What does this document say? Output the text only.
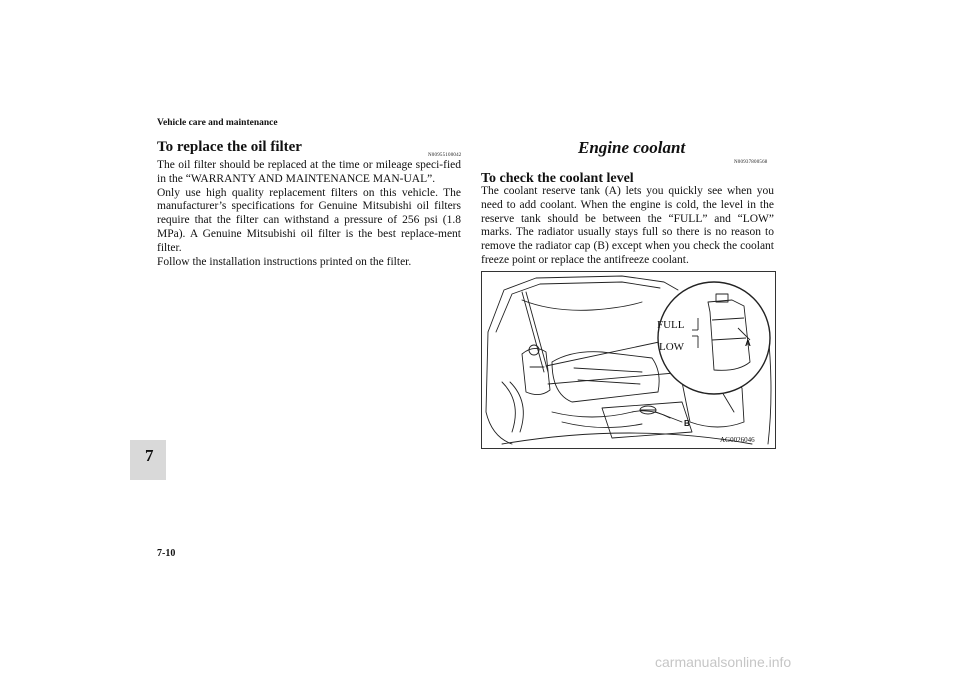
Vehicle care and maintenance
To replace the oil filter
N00955100042
The oil filter should be replaced at the time or mileage speci-fied in the “WARRANTY AND MAINTENANCE MAN-UAL”.
Only use high quality replacement filters on this vehicle. The manufacturer’s specifications for Genuine Mitsubishi oil filters require that the filter can withstand a pressure of 256 psi (1.8 MPa). A Genuine Mitsubishi oil filter is the best replace-ment filter.
Follow the installation instructions printed on the filter.
Engine coolant
N00937800568
To check the coolant level
The coolant reserve tank (A) lets you quickly see when you need to add coolant. When the engine is cold, the level in the reserve tank should be between the “FULL” and “LOW” marks. The radiator usually stays full so there is no reason to remove the radiator cap (B) except when you check the coolant freeze point or replace the antifreeze coolant.
FULL
LOW	A
B
AG0026046
7
7-10
carmanualsonline.info
